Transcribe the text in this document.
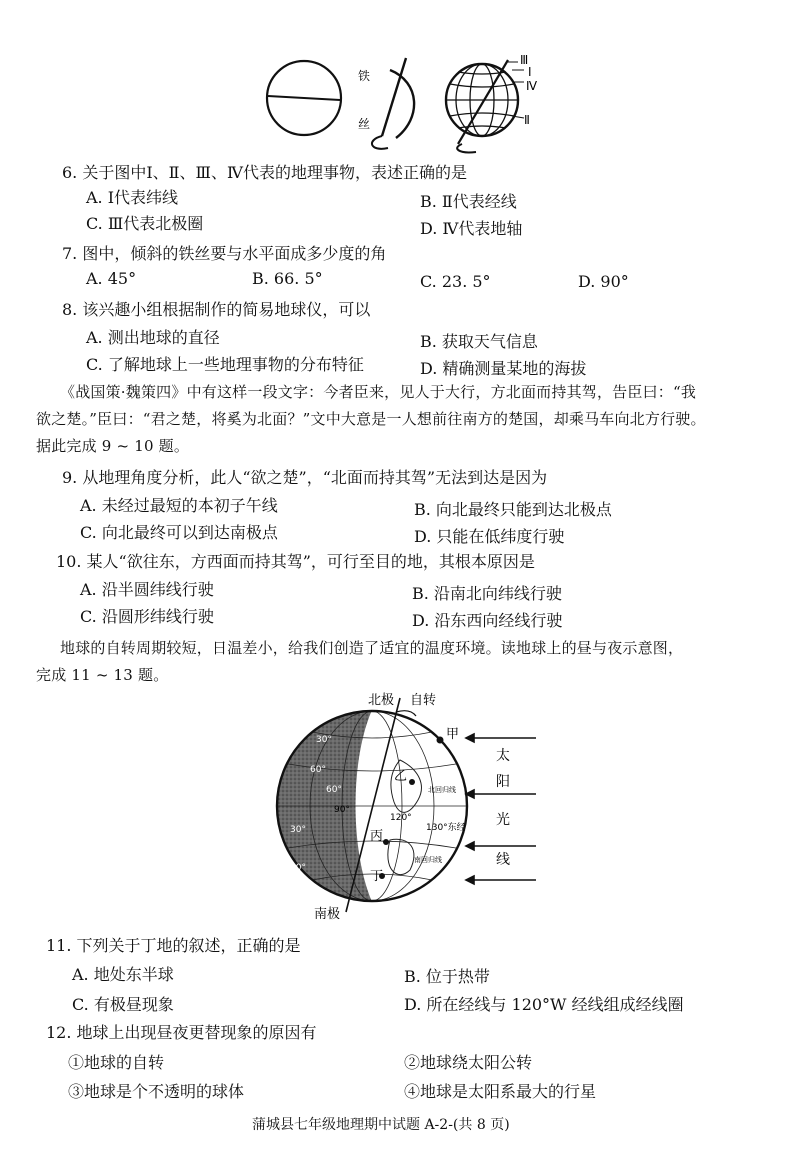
铁
丝
Ⅲ
Ⅰ
Ⅳ
Ⅱ
6. 关于图中Ⅰ、Ⅱ、Ⅲ、Ⅳ代表的地理事物，表述正确的是
A. Ⅰ代表纬线	B. Ⅱ代表经线
C. Ⅲ代表北极圈	D. Ⅳ代表地轴
7. 图中，倾斜的铁丝要与水平面成多少度的角
A. 45°	B. 66. 5°	C. 23. 5°	D. 90°
8. 该兴趣小组根据制作的简易地球仪，可以
A. 测出地球的直径	B. 获取天气信息
C. 了解地球上一些地理事物的分布特征	D. 精确测量某地的海拔
《战国策·魏策四》中有这样一段文字：今者臣来，见人于大行，方北面而持其驾，告臣曰：“我
欲之楚。”臣曰：“君之楚，将奚为北面？”文中大意是一人想前往南方的楚国，却乘马车向北方行驶。
据此完成 9 ~ 10 题。
9. 从地理角度分析，此人“欲之楚”，“北面而持其驾”无法到达是因为
A. 未经过最短的本初子午线	B. 向北最终只能到达北极点
C. 向北最终可以到达南极点	D. 只能在低纬度行驶
10. 某人“欲往东，方西面而持其驾”，可行至目的地，其根本原因是
A. 沿半圆纬线行驶	B. 沿南北向纬线行驶
C. 沿圆形纬线行驶	D. 沿东西向经线行驶
地球的自转周期较短，日温差小，给我们创造了适宜的温度环境。读地球上的昼与夜示意图，
完成 11 ~ 13 题。
北极 自转
南极
甲
乙
丙
丁
30°
60°
30°
60°
60°
90°
120°
130°东经
北回归线
南回归线
太
阳
光
线
11. 下列关于丁地的叙述，正确的是
A. 地处东半球	B. 位于热带
C. 有极昼现象	D. 所在经线与 120°W 经线组成经线圈
12. 地球上出现昼夜更替现象的原因有
①地球的自转	②地球绕太阳公转
③地球是个不透明的球体	④地球是太阳系最大的行星
蒲城县七年级地理期中试题 A-2-(共 8 页)
